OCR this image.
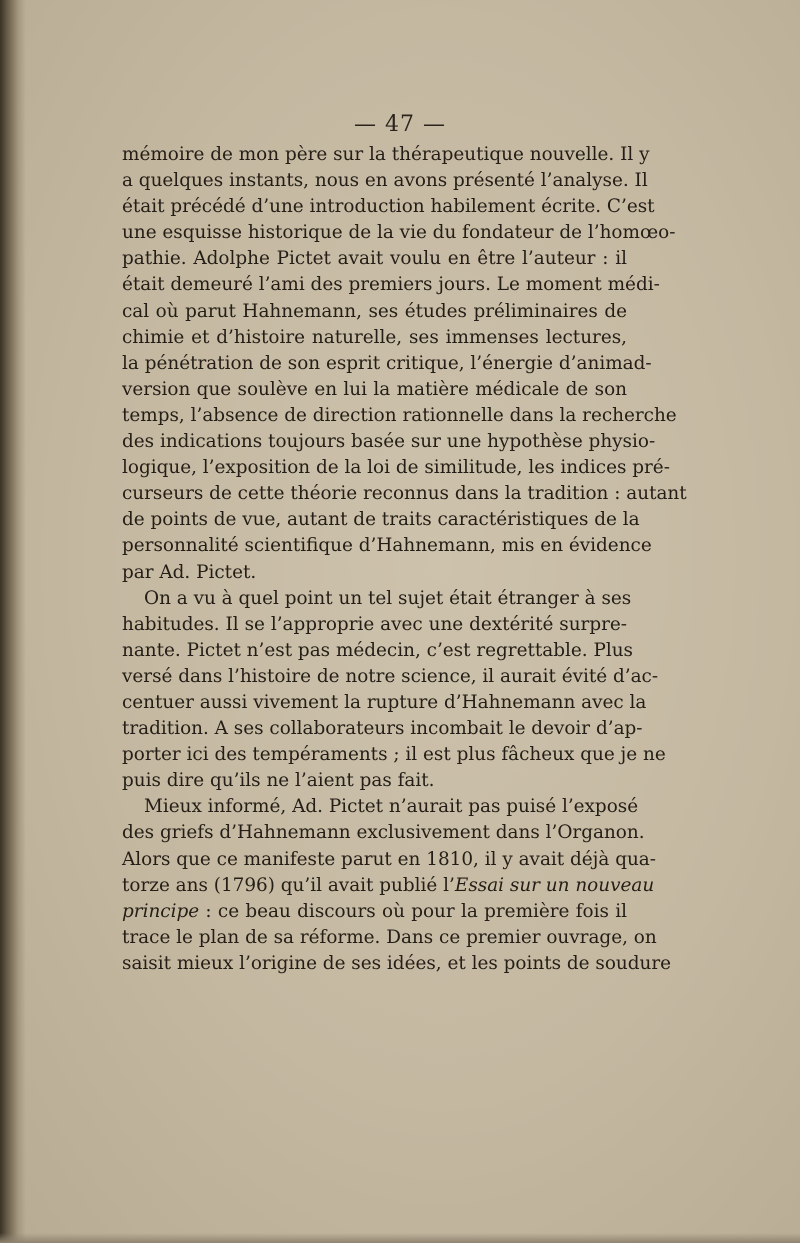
— 47 —
mémoire de mon père sur la thérapeutique nouvelle. Il y
a quelques instants, nous en avons présenté l’analyse. Il
était précédé d’une introduction habilement écrite. C’est
une esquisse historique de la vie du fondateur de l’homœo-
pathie. Adolphe Pictet avait voulu en être l’auteur : il
était demeuré l’ami des premiers jours. Le moment médi-
cal où parut Hahnemann, ses études préliminaires de
chimie et d’histoire naturelle, ses immenses lectures,
la pénétration de son esprit critique, l’énergie d’animad-
version que soulève en lui la matière médicale de son
temps, l’absence de direction rationnelle dans la recherche
des indications toujours basée sur une hypothèse physio-
logique, l’exposition de la loi de similitude, les indices pré-
curseurs de cette théorie reconnus dans la tradition : autant
de points de vue, autant de traits caractéristiques de la
personnalité scientifique d’Hahnemann, mis en évidence
par Ad. Pictet.
On a vu à quel point un tel sujet était étranger à ses
habitudes. Il se l’approprie avec une dextérité surpre-
nante. Pictet n’est pas médecin, c’est regrettable. Plus
versé dans l’histoire de notre science, il aurait évité d’ac-
centuer aussi vivement la rupture d’Hahnemann avec la
tradition. A ses collaborateurs incombait le devoir d’ap-
porter ici des tempéraments ; il est plus fâcheux que je ne
puis dire qu’ils ne l’aient pas fait.
Mieux informé, Ad. Pictet n’aurait pas puisé l’exposé
des griefs d’Hahnemann exclusivement dans l’Organon.
Alors que ce manifeste parut en 1810, il y avait déjà qua-
torze ans (1796) qu’il avait publié l’Essai sur un nouveau
principe : ce beau discours où pour la première fois il
trace le plan de sa réforme. Dans ce premier ouvrage, on
saisit mieux l’origine de ses idées, et les points de soudure
